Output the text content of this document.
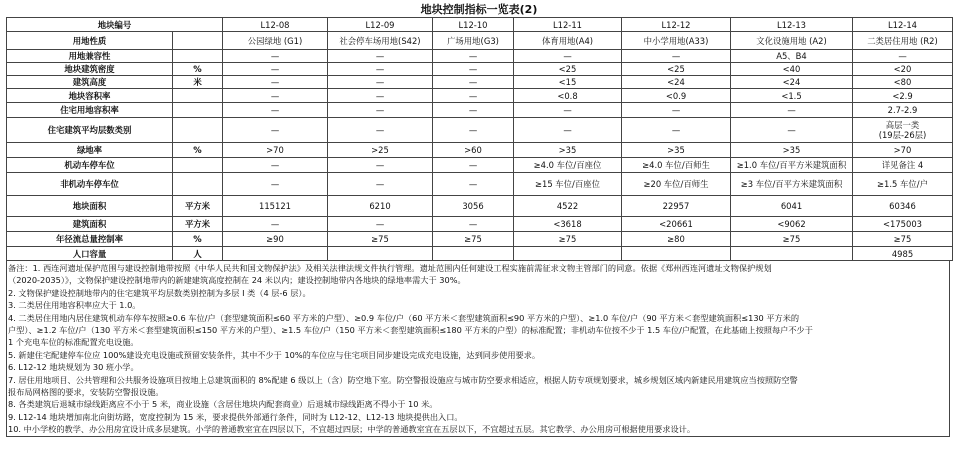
地块控制指标一览表(2)
地块编号		L12-08	L12-09	L12-10	L12-11	L12-12	L12-13	L12-14
用地性质		公园绿地 (G1)	社会停车场用地(S42)	广场用地(G3)	体育用地(A4)	中小学用地(A33)	文化设施用地 (A2)	二类居住用地 (R2)
用地兼容性		—	—	—	—	—	A5、B4	—
地块建筑密度	%	—	—	—	<25	<25	<40	<20
建筑高度	米	—	—	—	<15	<24	<24	<80
地块容积率		—	—	—	<0.8	<0.9	<1.5	<2.9
住宅用地容积率		—	—	—	—	—	—	2.7-2.9
住宅建筑平均层数类别		—	—	—	—	—	—	高层一类
(19层-26层)

绿地率	%	>70	>25	>60	>35	>35	>35	>70
机动车停车位		—	—	—	≥4.0 车位/百座位	≥4.0 车位/百师生	≥1.0 车位/百平方米建筑面积	详见备注 4
非机动车停车位		—	—	—	≥15 车位/百座位	≥20 车位/百师生	≥3 车位/百平方米建筑面积	≥1.5 车位/户
地块面积	平方米	115121	6210	3056	4522	22957	6041	60346
建筑面积	平方米	—	—	—	<3618	<20661	<9062	<175003
年径流总量控制率	%	≥90	≥75	≥75	≥75	≥80	≥75	≥75
人口容量	人							4985
备注：1. 西连河遗址保护范围与建设控制地带按照《中华人民共和国文物保护法》及相关法律法规文件执行管理。遗址范围内任何建设工程实施前需征求文物主管部门的同意。依据《郑州西连河遗址文物保护规划
（2020-2035）》，文物保护建设控制地带内的新建建筑高度控制在 24 米以内；建设控制地带内各地块的绿地率需大于 30%。
2. 文物保护建设控制地带内的住宅建筑平均层数类别控制为多层 I 类（4 层-6 层）。
3. 二类居住用地容积率应大于 1.0。
4. 二类居住用地内居住建筑机动车停车按照≥0.6 车位/户（套型建筑面积≤60 平方米的户型）、≥0.9 车位/户（60 平方米＜套型建筑面积≤90 平方米的户型）、≥1.0 车位/户（90 平方米＜套型建筑面积≤130 平方米的
户型）、≥1.2 车位/户（130 平方米＜套型建筑面积≤150 平方米的户型）、≥1.5 车位/户（150 平方米＜套型建筑面积≤180 平方米的户型）的标准配置；非机动车位按不少于 1.5 车位/户配置，在此基础上按照每户不少于
1 个充电车位的标准配置充电设施。
5. 新建住宅配建停车位应 100%建设充电设施或预留安装条件，其中不少于 10%的车位应与住宅项目同步建设完成充电设施，达到同步使用要求。
6. L12-12 地块规划为 30 班小学。
7. 居住用地项目、公共管理和公共服务设施项目按地上总建筑面积的 8%配建 6 级以上（含）防空地下室。防空警报设施应与城市防空要求相适应，根据人防专项规划要求，城乡规划区域内新建民用建筑应当按照防空警
报布局网格图的要求，安装防空警报设施。
8. 各类建筑后退城市绿线距离应不小于 5 米，商业设施（含居住地块内配套商业）后退城市绿线距离不得小于 10 米。
9. L12-14 地块增加南北向街坊路，宽度控制为 15 米，要求提供外部通行条件，同时为 L12-12、L12-13 地块提供出入口。
10. 中小学校的教学、办公用房宜设计成多层建筑。小学的普通教室宜在四层以下，不宜超过四层；中学的普通教室宜在五层以下，不宜超过五层。其它教学、办公用房可根据使用要求设计。
